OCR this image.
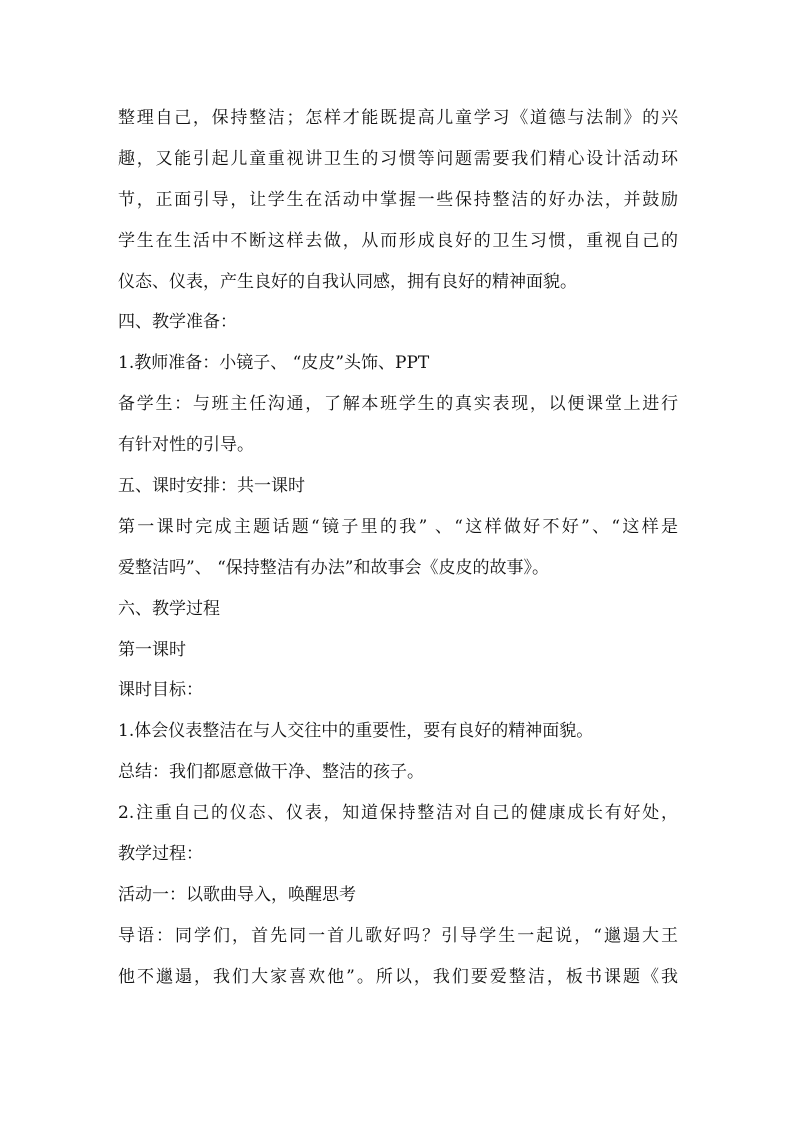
整理自己，保持整洁；怎样才能既提高儿童学习《道德与法制》的兴
趣，又能引起儿童重视讲卫生的习惯等问题需要我们精心设计活动环
节，正面引导，让学生在活动中掌握一些保持整洁的好办法，并鼓励
学生在生活中不断这样去做，从而形成良好的卫生习惯，重视自己的
仪态、仪表，产生良好的自我认同感，拥有良好的精神面貌。
四、教学准备：
1.教师准备：小镜子、 “皮皮”头饰、PPT
备学生：与班主任沟通，了解本班学生的真实表现，以便课堂上进行
有针对性的引导。
五、课时安排：共一课时
第一课时完成主题话题“镜子里的我” 、“这样做好不好”、“这样是
爱整洁吗”、 “保持整洁有办法”和故事会《皮皮的故事》。
六、教学过程
第一课时
课时目标：
1.体会仪表整洁在与人交往中的重要性，要有良好的精神面貌。
总结：我们都愿意做干净、整洁的孩子。
2.注重自己的仪态、仪表，知道保持整洁对自己的健康成长有好处，
教学过程：
活动一：以歌曲导入，唤醒思考
导语：同学们，首先同一首儿歌好吗？引导学生一起说，“邋遢大王
他不邋遢，我们大家喜欢他”。所以，我们要爱整洁，板书课题《我
